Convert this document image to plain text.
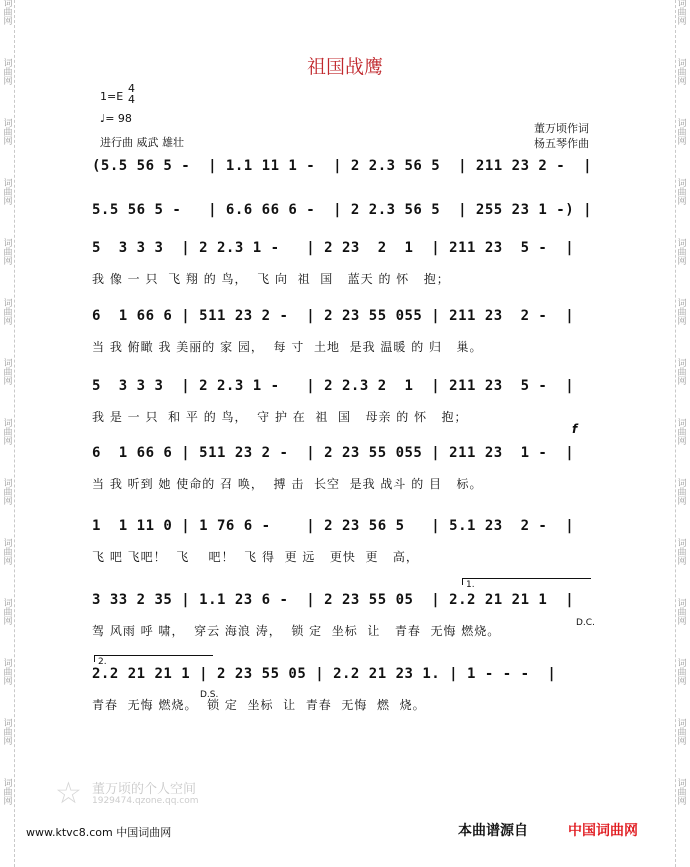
词
曲
网
词
曲
网
词
曲
网
词
曲
网
词
曲
网
词
曲
网
词
曲
网
词
曲
网
词
曲
网
词
曲
网
词
曲
网
词
曲
网
词
曲
网
词
曲
网
词
曲
网
词
曲
网
词
曲
网
词
曲
网
词
曲
网
词
曲
网
词
曲
网
词
曲
网
词
曲
网
词
曲
网
词
曲
网
词
曲
网
词
曲
网
词
曲
网
祖国战鹰
1=E
4
4
♩= 98
进行曲 威武 雄壮
董万顷作词
杨五琴作曲
(5.5 56 5 -  | 1.1 11 1 -  | 2 2.3 56 5  | 211 23 2 -  |
5.5 56 5 -   | 6.6 66 6 -  | 2 2.3 56 5  | 255 23 1 -) |
5  3 3 3  | 2 2.3 1 -   | 2 23  2  1  | 211 23  5 -  |
我 像 一 只  飞 翔 的 鸟，  飞 向  祖  国   蓝天 的 怀   抱；
6  1 66 6 | 511 23 2 -  | 2 23 55 055 | 211 23  2 -  |
当 我 俯瞰 我 美丽的 家 园，  每 寸  土地  是我 温暖 的 归   巢。
5  3 3 3  | 2 2.3 1 -   | 2 2.3 2  1  | 211 23  5 -  |
我 是 一 只  和 平 的 鸟，  守 护 在  祖  国   母亲 的 怀   抱；
f
6  1 66 6 | 511 23 2 -  | 2 23 55 055 | 211 23  1 -  |
当 我 听到 她 使命的 召 唤，  搏 击  长空  是我 战斗 的 目   标。
1  1 11 0 | 1 76 6 -    | 2 23 56 5   | 5.1 23  2 -  |
飞 吧 飞吧！  飞    吧！  飞 得  更 远   更快  更   高，
1.
3 33 2 35 | 1.1 23 6 -  | 2 23 55 05  | 2.2 21 21 1  |
驾 风雨 呼 啸，  穿云 海浪 涛，  锁 定  坐标  让   青春  无悔 燃烧。
D.C.
2.
2.2 21 21 1 | 2 23 55 05 | 2.2 21 23 1. | 1 - - -  |
青春  无悔 燃烧。  锁 定  坐标  让  青春  无悔  燃  烧。
D.S.
☆ 董万顷的个人空间
1929474.qzone.qq.com
www.ktvc8.com 中国词曲网	本曲谱源自	中国词曲网
